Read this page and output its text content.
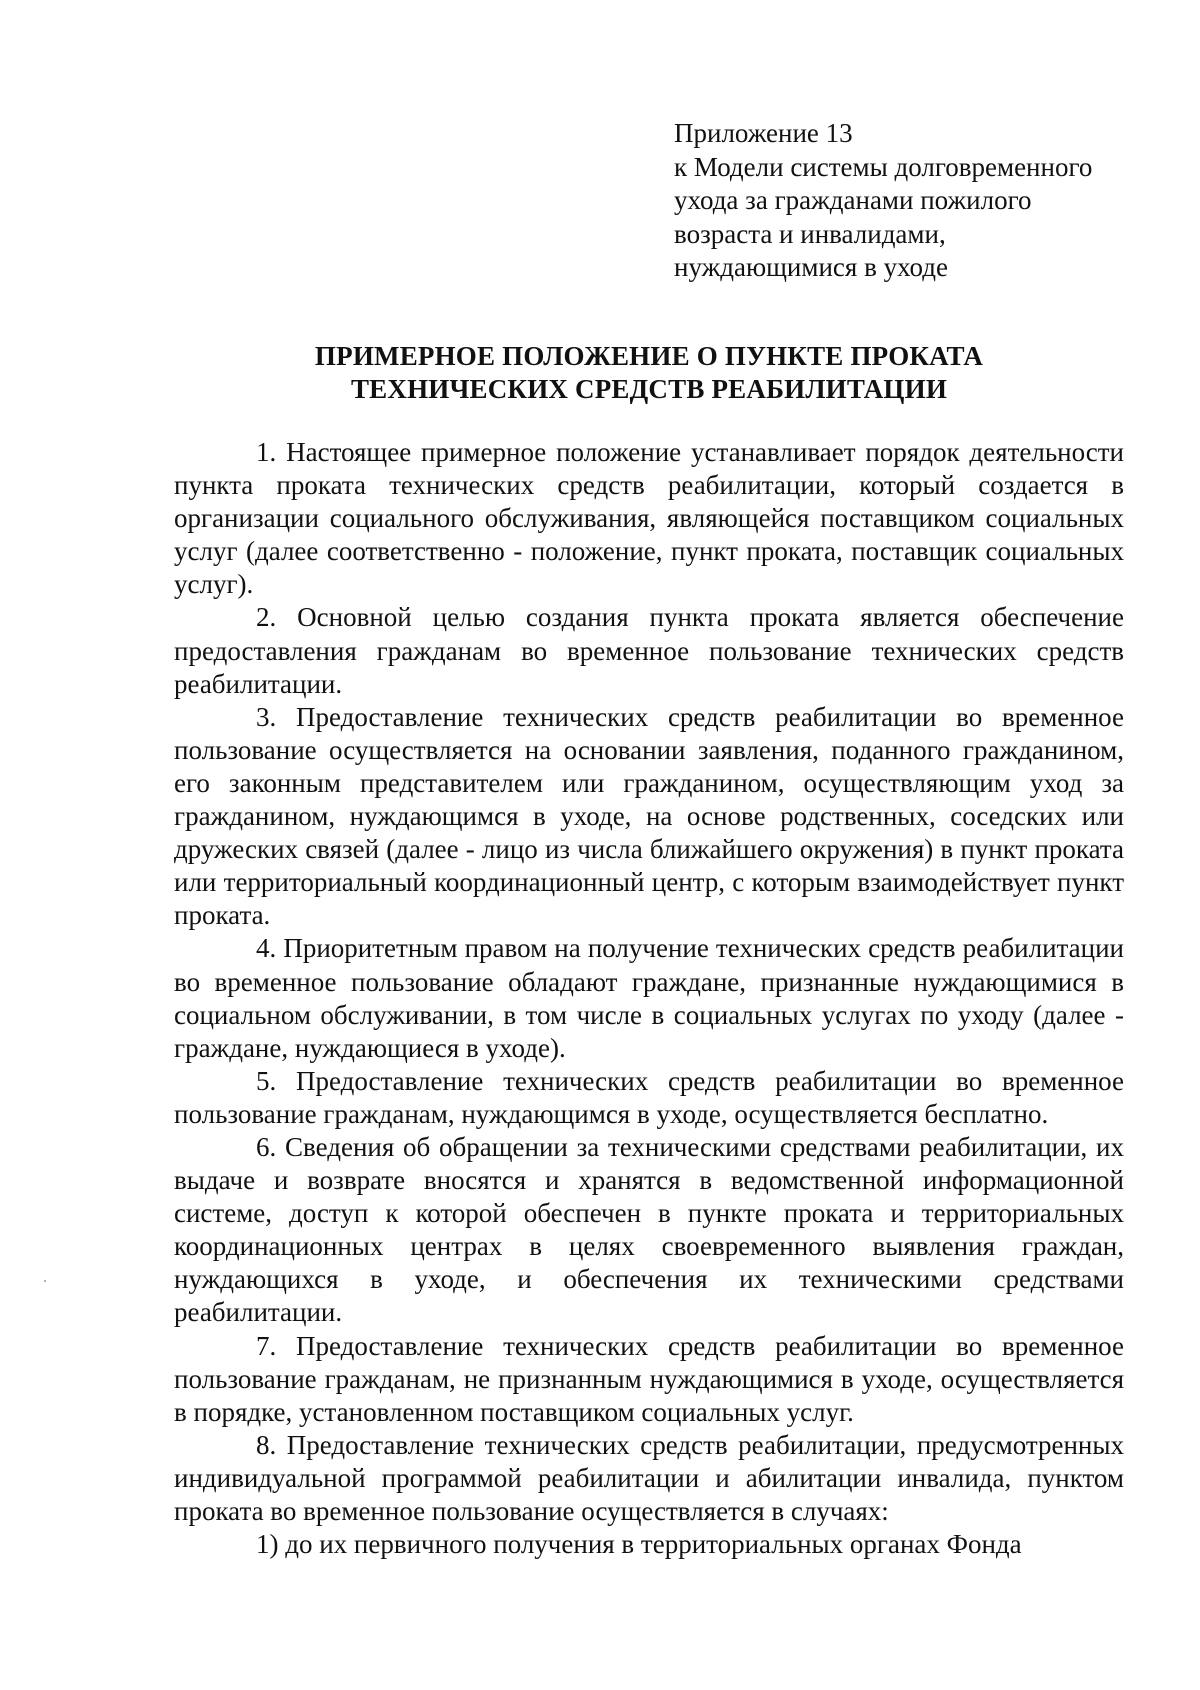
Приложение 13
к Модели системы долговременного
ухода за гражданами пожилого
возраста и инвалидами,
нуждающимися в уходе
ПРИМЕРНОЕ ПОЛОЖЕНИЕ О ПУНКТЕ ПРОКАТА
ТЕХНИЧЕСКИХ СРЕДСТВ РЕАБИЛИТАЦИИ

1. Настоящее примерное положение устанавливает порядок деятельности пункта проката технических средств реабилитации, который создается в организации социального обслуживания, являющейся поставщиком социальных услуг (далее соответственно - положение, пункт проката, поставщик социальных услуг).

2. Основной целью создания пункта проката является обеспечение предоставления гражданам во временное пользование технических средств реабилитации.

3. Предоставление технических средств реабилитации во временное пользование осуществляется на основании заявления, поданного гражданином, его законным представителем или гражданином, осуществляющим уход за гражданином, нуждающимся в уходе, на основе родственных, соседских или дружеских связей (далее - лицо из числа ближайшего окружения) в пункт проката или территориальный координационный центр, с которым взаимодействует пункт проката.

4. Приоритетным правом на получение технических средств реабилитации во временное пользование обладают граждане, признанные нуждающимися в социальном обслуживании, в том числе в социальных услугах по уходу (далее - граждане, нуждающиеся в уходе).

5. Предоставление технических средств реабилитации во временное пользование гражданам, нуждающимся в уходе, осуществляется бесплатно.

6. Сведения об обращении за техническими средствами реабилитации, их выдаче и возврате вносятся и хранятся в ведомственной информационной системе, доступ к которой обеспечен в пункте проката и территориальных координационных центрах в целях своевременного выявления граждан, нуждающихся в уходе, и обеспечения их техническими средствами реабилитации.

7. Предоставление технических средств реабилитации во временное пользование гражданам, не признанным нуждающимися в уходе, осуществляется в порядке, установленном поставщиком социальных услуг.

8. Предоставление технических средств реабилитации, предусмотренных индивидуальной программой реабилитации и абилитации инвалида, пунктом проката во временное пользование осуществляется в случаях:

1) до их первичного получения в территориальных органах Фонда
